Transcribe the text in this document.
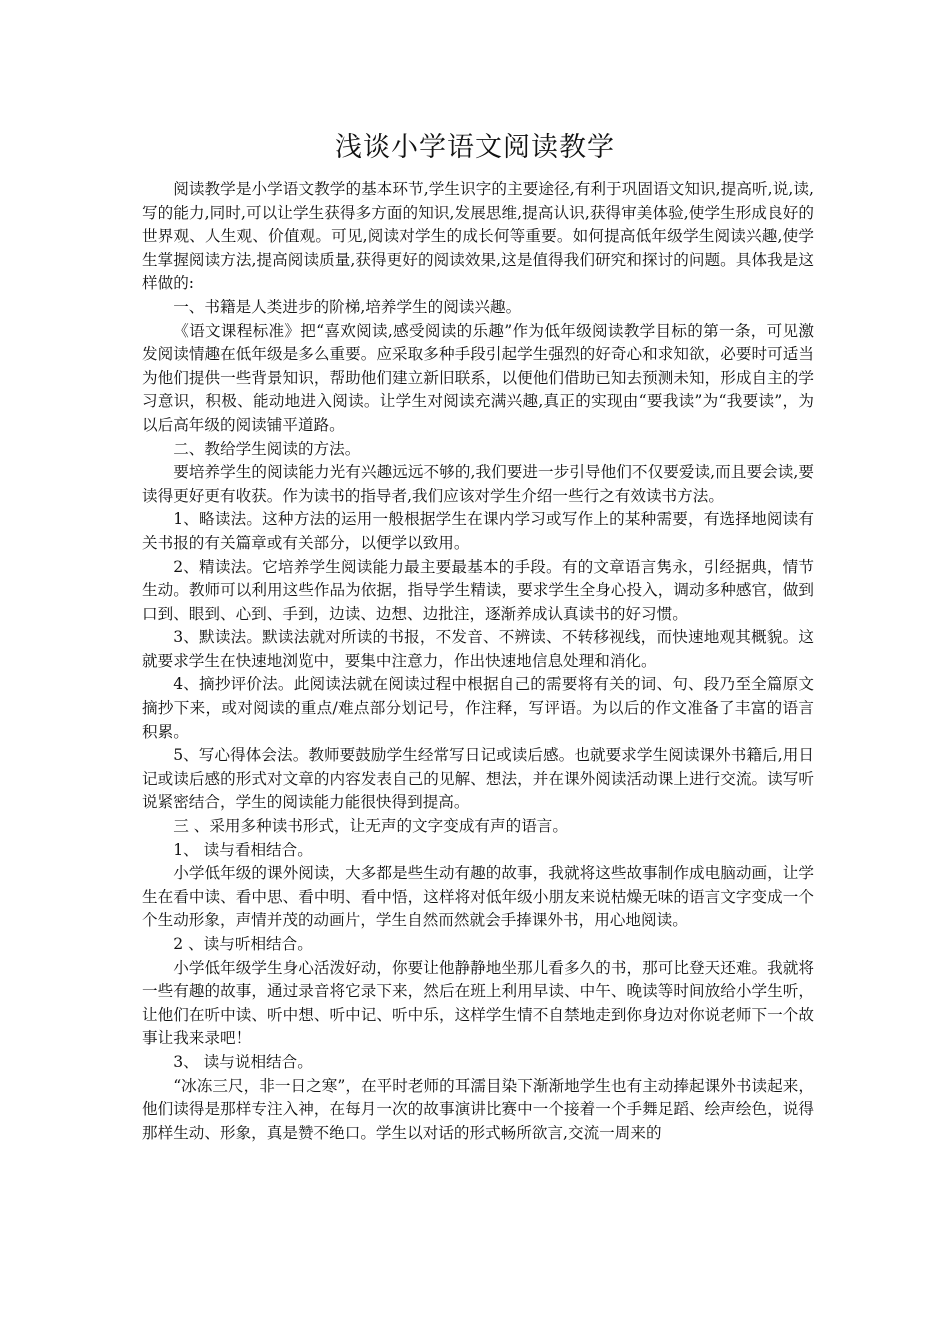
浅谈小学语文阅读教学

阅读教学是小学语文教学的基本环节,学生识字的主要途径,有利于巩固语文知识,提高听,说,读,写的能力,同时,可以让学生获得多方面的知识,发展思维,提高认识,获得审美体验,使学生形成良好的世界观、人生观、价值观。可见,阅读对学生的成长何等重要。如何提高低年级学生阅读兴趣,使学生掌握阅读方法,提高阅读质量,获得更好的阅读效果,这是值得我们研究和探讨的问题。具体我是这样做的:

一、书籍是人类进步的阶梯,培养学生的阅读兴趣。

《语文课程标准》把“喜欢阅读,感受阅读的乐趣”作为低年级阅读教学目标的第一条，可见激发阅读情趣在低年级是多么重要。应采取多种手段引起学生强烈的好奇心和求知欲，必要时可适当为他们提供一些背景知识，帮助他们建立新旧联系，以便他们借助已知去预测未知，形成自主的学习意识，积极、能动地进入阅读。让学生对阅读充满兴趣,真正的实现由“要我读”为“我要读”，为以后高年级的阅读铺平道路。

二、教给学生阅读的方法。

要培养学生的阅读能力光有兴趣远远不够的,我们要进一步引导他们不仅要爱读,而且要会读,要读得更好更有收获。作为读书的指导者,我们应该对学生介绍一些行之有效读书方法。

1、略读法。这种方法的运用一般根据学生在课内学习或写作上的某种需要，有选择地阅读有关书报的有关篇章或有关部分，以便学以致用。

2、精读法。它培养学生阅读能力最主要最基本的手段。有的文章语言隽永，引经据典，情节生动。教师可以利用这些作品为依据，指导学生精读，要求学生全身心投入，调动多种感官，做到口到、眼到、心到、手到，边读、边想、边批注，逐渐养成认真读书的好习惯。

3、默读法。默读法就对所读的书报，不发音、不辨读、不转移视线，而快速地观其概貌。这就要求学生在快速地浏览中，要集中注意力，作出快速地信息处理和消化。

4、摘抄评价法。此阅读法就在阅读过程中根据自己的需要将有关的词、句、段乃至全篇原文摘抄下来，或对阅读的重点/难点部分划记号，作注释，写评语。为以后的作文准备了丰富的语言积累。

5、写心得体会法。教师要鼓励学生经常写日记或读后感。也就要求学生阅读课外书籍后,用日记或读后感的形式对文章的内容发表自己的见解、想法，并在课外阅读活动课上进行交流。读写听说紧密结合，学生的阅读能力能很快得到提高。

三 、采用多种读书形式，让无声的文字变成有声的语言。

1、 读与看相结合。

小学低年级的课外阅读，大多都是些生动有趣的故事，我就将这些故事制作成电脑动画，让学生在看中读、看中思、看中明、看中悟，这样将对低年级小朋友来说枯燥无味的语言文字变成一个个生动形象，声情并茂的动画片，学生自然而然就会手捧课外书，用心地阅读。

2 、读与听相结合。

小学低年级学生身心活泼好动，你要让他静静地坐那儿看多久的书，那可比登天还难。我就将一些有趣的故事，通过录音将它录下来，然后在班上利用早读、中午、晚读等时间放给小学生听，让他们在听中读、听中想、听中记、听中乐，这样学生情不自禁地走到你身边对你说老师下一个故事让我来录吧！

3、 读与说相结合。

“冰冻三尺，非一日之寒”，在平时老师的耳濡目染下渐渐地学生也有主动捧起课外书读起来，他们读得是那样专注入神，在每月一次的故事演讲比赛中一个接着一个手舞足蹈、绘声绘色，说得那样生动、形象，真是赞不绝口。学生以对话的形式畅所欲言,交流一周来的
